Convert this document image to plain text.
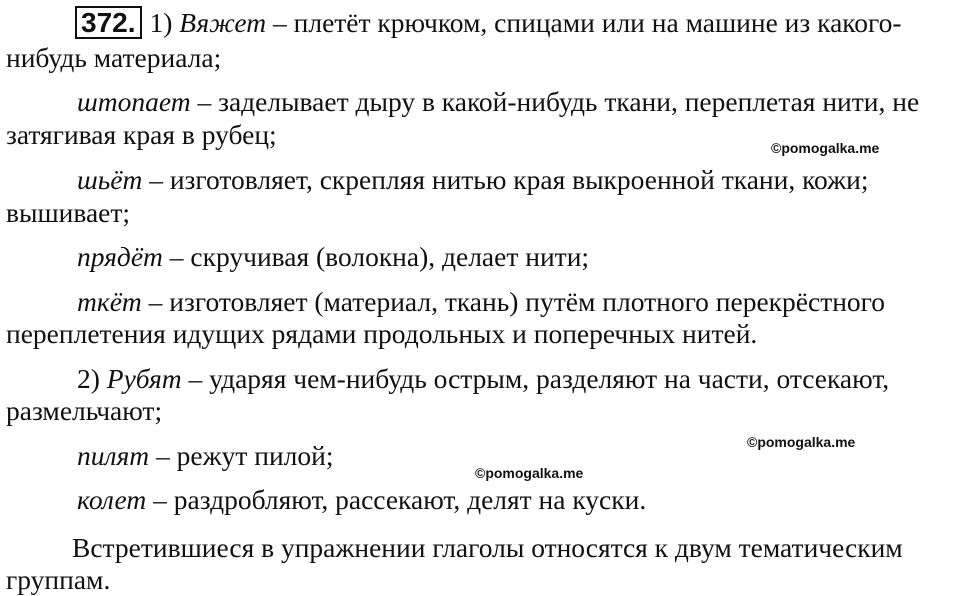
372. 1) Вяжет – плетёт крючком, спицами или на машине из какого-
нибудь материала;
штопает – заделывает дыру в какой-нибудь ткани, переплетая нити, не
затягивая края в рубец;
шьёт – изготовляет, скрепляя нитью края выкроенной ткани, кожи;
вышивает;
прядёт – скручивая (волокна), делает нити;
ткёт – изготовляет (материал, ткань) путём плотного перекрёстного
переплетения идущих рядами продольных и поперечных нитей.
2) Рубят – ударяя чем-нибудь острым, разделяют на части, отсекают,
размельчают;
пилят – режут пилой;
колет – раздробляют, рассекают, делят на куски.
Встретившиеся в упражнении глаголы относятся к двум тематическим
группам.
©pomogalka.me
©pomogalka.me
©pomogalka.me
